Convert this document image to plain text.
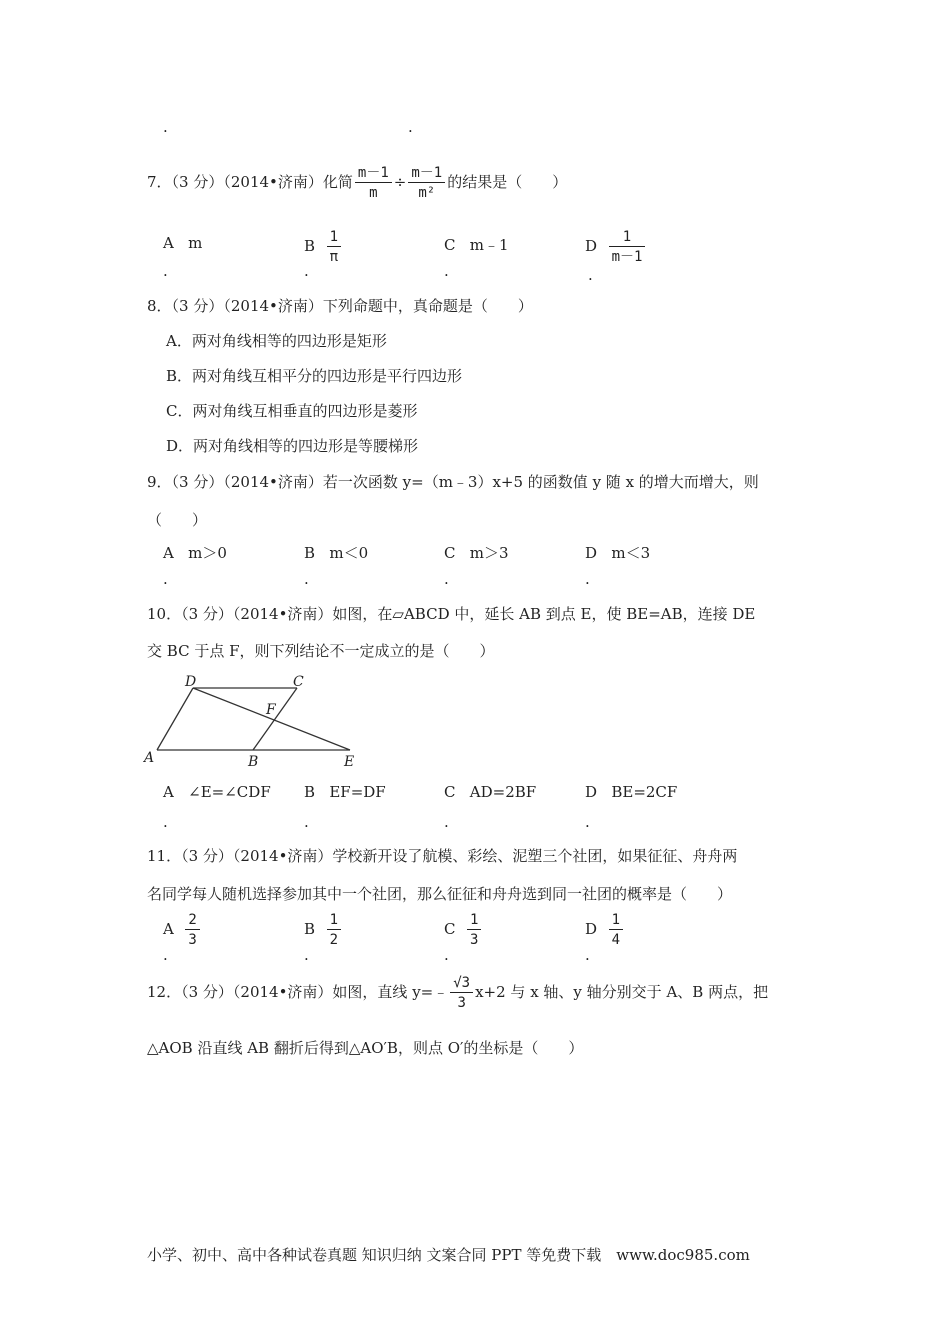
.	.
7．（3 分）（2014•济南）化简 $\frac{m-1}{m} \div \frac{m-1}{\text{m²}}$ 的结果是（　　）
A m	B $\frac{1}{\pi}$	C m﹣1	D $\frac{1}{m-1}$
.	.	.	.
8．（3 分）（2014•济南）下列命题中，真命题是（　　）
A．两对角线相等的四边形是矩形
B．两对角线互相平分的四边形是平行四边形
C．两对角线互相垂直的四边形是菱形
D．两对角线相等的四边形是等腰梯形
9．（3 分）（2014•济南）若一次函数 y=（m﹣3）x+5 的函数值 y 随 x 的增大而增大，则
（　　）
A m＞0	B m＜0	C m＞3	D m＜3
.	.	.	.
10．（3 分）（2014•济南）如图，在▱ABCD 中，延长 AB 到点 E，使 BE=AB，连接 DE
交 BC 于点 F，则下列结论不一定成立的是（　　）
D	C
F
A	B	E
A ∠E=∠CDF B EF=DF	C AD=2BF	D BE=2CF
.	.	.	.
11．（3 分）（2014•济南）学校新开设了航模、彩绘、泥塑三个社团，如果征征、舟舟两
名同学每人随机选择参加其中一个社团，那么征征和舟舟选到同一社团的概率是（　　）
A $\frac{2}{3}$	B $\frac{1}{2}$	C $\frac{1}{3}$	D $\frac{1}{4}$
.	.	.	.
12．（3 分）（2014•济南）如图，直线 y=﹣ $\frac{√3}{3} x+2$ 与 x 轴、y 轴分别交于 A、B 两点，把
△AOB 沿直线 AB 翻折后得到△AO′B，则点 O′的坐标是（　　）
小学、初中、高中各种试卷真题 知识归纳 文案合同 PPT 等免费下载　www.doc985.com
